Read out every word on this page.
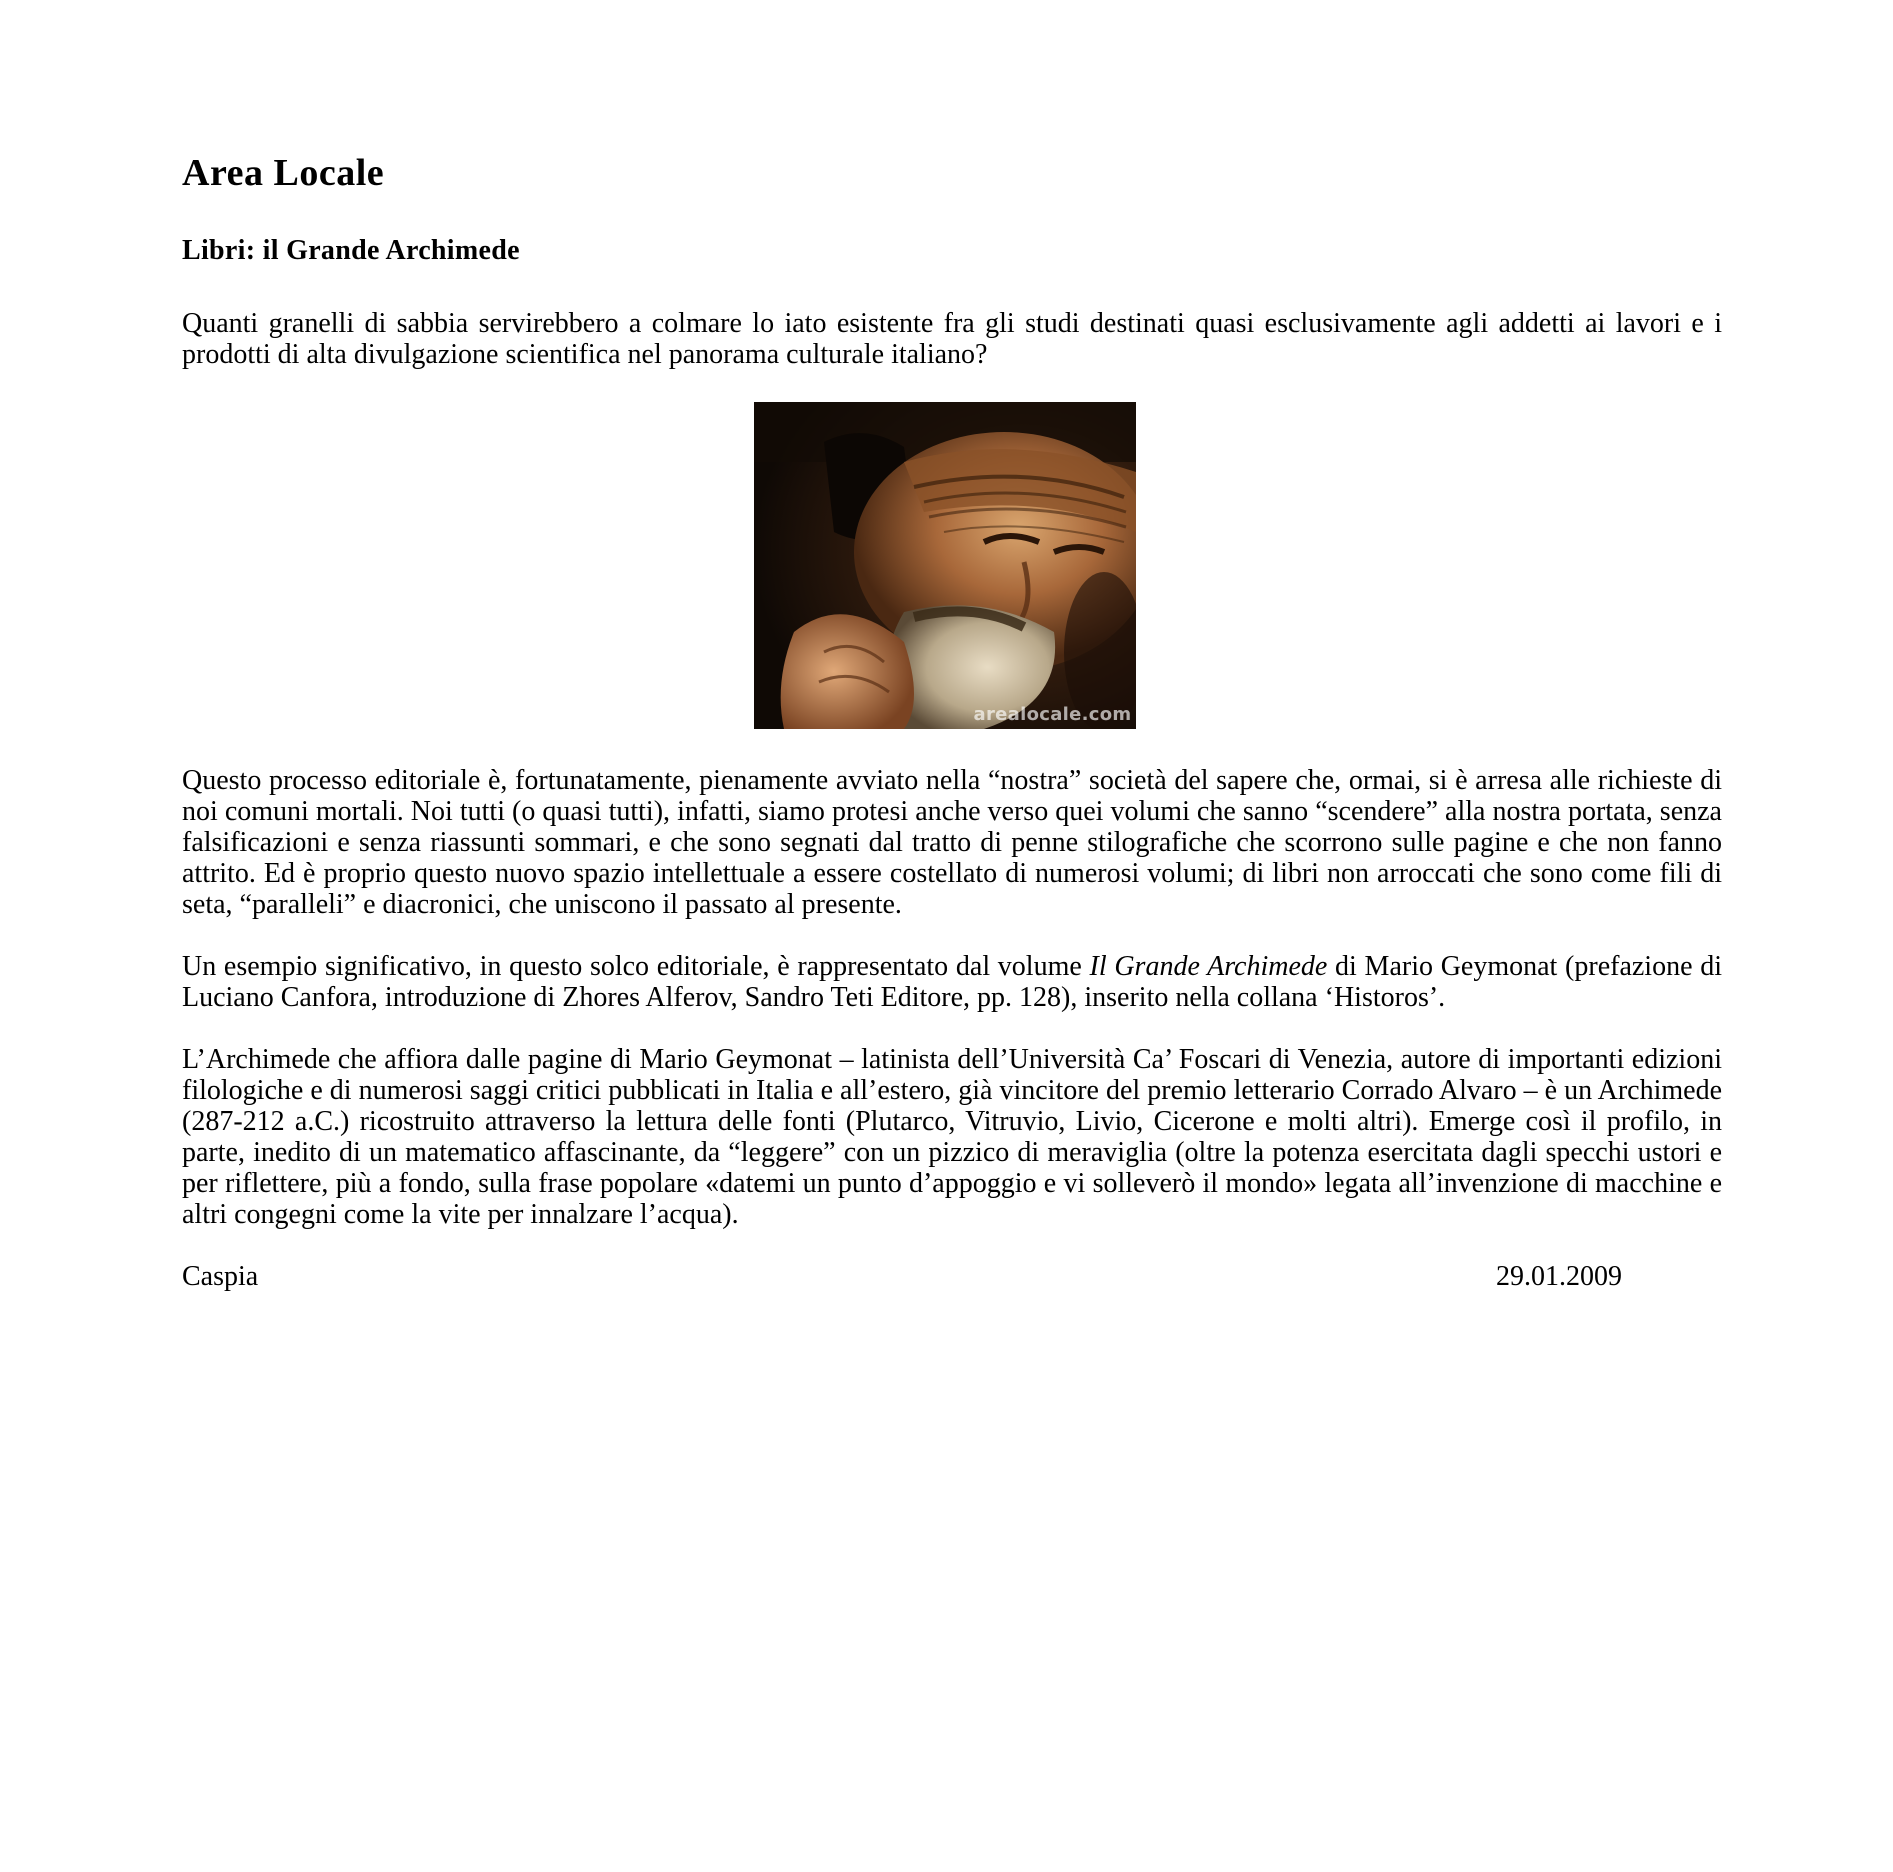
Area Locale
Libri: il Grande Archimede

Quanti granelli di sabbia servirebbero a colmare lo iato esistente fra gli studi destinati quasi esclusivamente agli addetti ai lavori e i prodotti di alta divulgazione scientifica nel panorama culturale italiano?

arealocale.com

Questo processo editoriale è, fortunatamente, pienamente avviato nella “nostra” società del sapere che, ormai, si è arresa alle richieste di noi comuni mortali. Noi tutti (o quasi tutti), infatti, siamo protesi anche verso quei volumi che sanno “scendere” alla nostra portata, senza falsificazioni e senza riassunti sommari, e che sono segnati dal tratto di penne stilografiche che scorrono sulle pagine e che non fanno attrito. Ed è proprio questo nuovo spazio intellettuale a essere costellato di numerosi volumi; di libri non arroccati che sono come fili di seta, “paralleli” e diacronici, che uniscono il passato al presente.

Un esempio significativo, in questo solco editoriale, è rappresentato dal volume Il Grande Archimede di Mario Geymonat (prefazione di Luciano Canfora, introduzione di Zhores Alferov, Sandro Teti Editore, pp. 128), inserito nella collana ‘Historos’.

L’Archimede che affiora dalle pagine di Mario Geymonat – latinista dell’Università Ca’ Foscari di Venezia, autore di importanti edizioni filologiche e di numerosi saggi critici pubblicati in Italia e all’estero, già vincitore del premio letterario Corrado Alvaro – è un Archimede (287-212 a.C.) ricostruito attraverso la lettura delle fonti (Plutarco, Vitruvio, Livio, Cicerone e molti altri). Emerge così il profilo, in parte, inedito di un matematico affascinante, da “leggere” con un pizzico di meraviglia (oltre la potenza esercitata dagli specchi ustori e per riflettere, più a fondo, sulla frase popolare «datemi un punto d’appoggio e vi solleverò il mondo» legata all’invenzione di macchine e altri congegni come la vite per innalzare l’acqua).

Caspia	29.01.2009
